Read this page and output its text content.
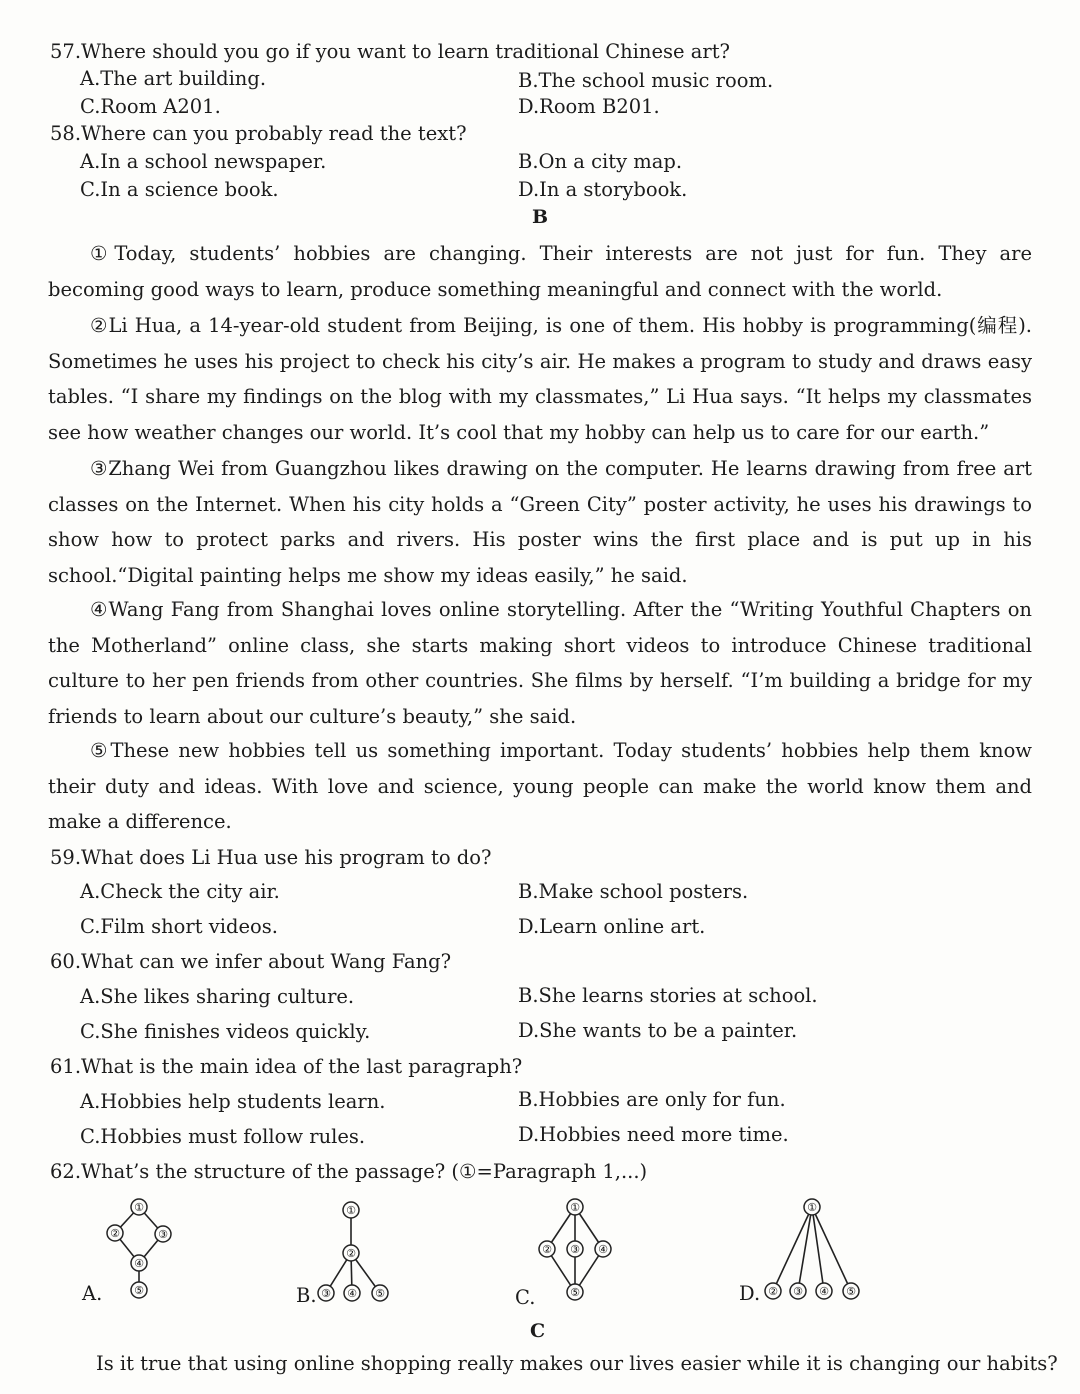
57.Where should you go if you want to learn traditional Chinese art?
A.The art building.	B.The school music room.
C.Room A201.	D.Room B201.
58.Where can you probably read the text?
A.In a school newspaper.	B.On a city map.
C.In a science book.	D.In a storybook.
B
①Today, students’ hobbies are changing. Their interests are not just for fun. They are becoming good ways to learn, produce something meaningful and connect with the world.
②Li Hua, a 14-year-old student from Beijing, is one of them. His hobby is programming(编程). Sometimes he uses his project to check his city’s air. He makes a program to study and draws easy tables. “I share my findings on the blog with my classmates,” Li Hua says. “It helps my classmates see how weather changes our world. It’s cool that my hobby can help us to care for our earth.”
③Zhang Wei from Guangzhou likes drawing on the computer. He learns drawing from free art classes on the Internet. When his city holds a “Green City” poster activity, he uses his drawings to show how to protect parks and rivers. His poster wins the first place and is put up in his school.“Digital painting helps me show my ideas easily,” he said.
④Wang Fang from Shanghai loves online storytelling. After the “Writing Youthful Chapters on the Motherland” online class, she starts making short videos to introduce Chinese traditional culture to her pen friends from other countries. She films by herself. “I’m building a bridge for my friends to learn about our culture’s beauty,” she said.
⑤These new hobbies tell us something important. Today students’ hobbies help them know their duty and ideas. With love and science, young people can make the world know them and make a difference.
59.What does Li Hua use his program to do?
A.Check the city air.	B.Make school posters.
C.Film short videos.	D.Learn online art.
60.What can we infer about Wang Fang?
A.She likes sharing culture.	B.She learns stories at school.
C.She finishes videos quickly.	D.She wants to be a painter.
61.What is the main idea of the last paragraph?
A.Hobbies help students learn.	B.Hobbies are only for fun.
C.Hobbies must follow rules.	D.Hobbies need more time.
62.What’s the structure of the passage? (①=Paragraph 1,...)
A.
①
②	③
④
⑤	B.
①
②
③ ④ ⑤	C.
①
② ③ ④
⑤	D.
①
② ③ ④ ⑤
C
Is it true that using online shopping really makes our lives easier while it is changing our habits?
